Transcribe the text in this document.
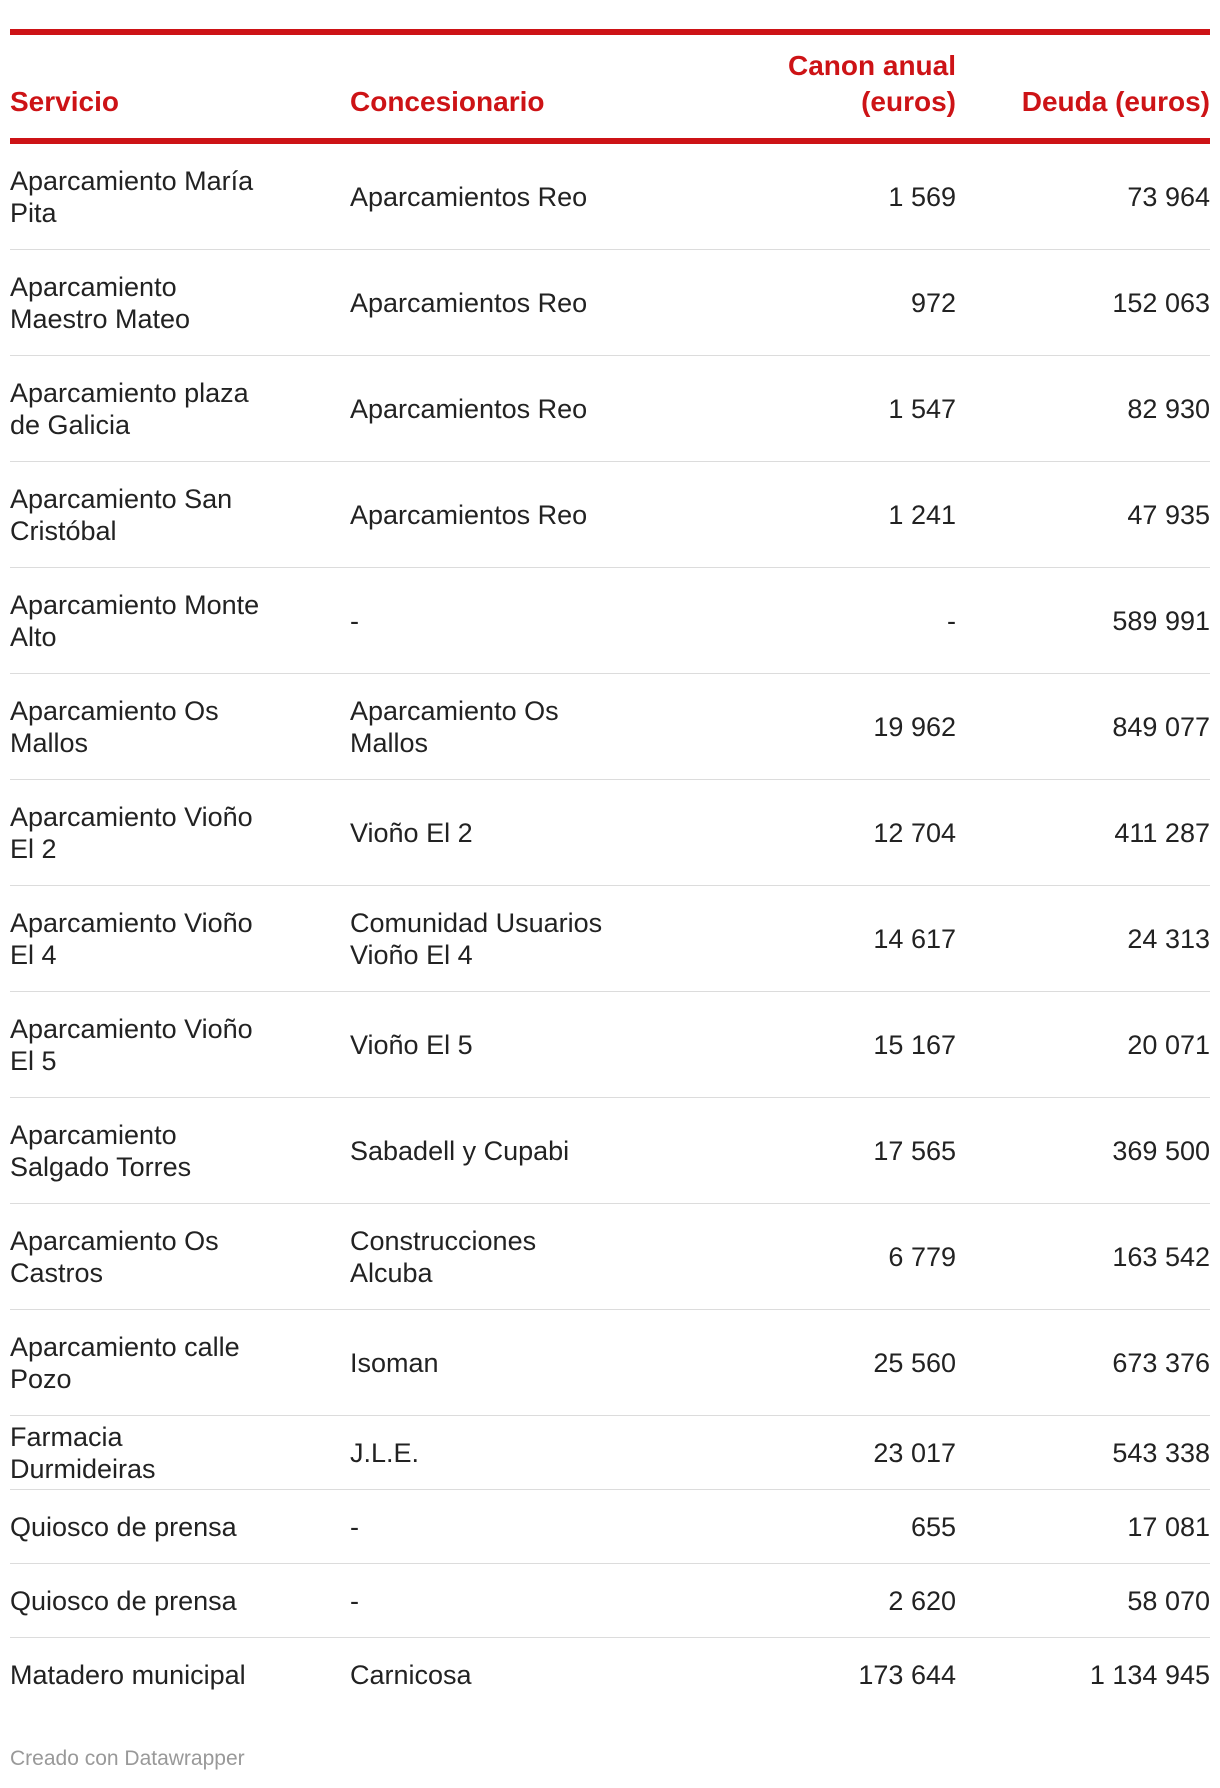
Servicio	Concesionario	Canon anual (euros)	Deuda (euros)
Aparcamiento María Pita	Aparcamientos Reo	1 569	73 964
Aparcamiento Maestro Mateo	Aparcamientos Reo	972	152 063
Aparcamiento plaza de Galicia	Aparcamientos Reo	1 547	82 930
Aparcamiento San Cristóbal	Aparcamientos Reo	1 241	47 935
Aparcamiento Monte Alto	-	-	589 991
Aparcamiento Os Mallos	Aparcamiento Os Mallos	19 962	849 077
Aparcamiento Vioño El 2	Vioño El 2	12 704	411 287
Aparcamiento Vioño El 4	Comunidad Usuarios Vioño El 4	14 617	24 313
Aparcamiento Vioño El 5	Vioño El 5	15 167	20 071
Aparcamiento Salgado Torres	Sabadell y Cupabi	17 565	369 500
Aparcamiento Os Castros	Construcciones Alcuba	6 779	163 542
Aparcamiento calle Pozo	Isoman	25 560	673 376
Farmacia Durmideiras	J.L.E.	23 017	543 338
Quiosco de prensa	-	655	17 081
Quiosco de prensa	-	2 620	58 070
Matadero municipal	Carnicosa	173 644	1 134 945
Creado con Datawrapper
